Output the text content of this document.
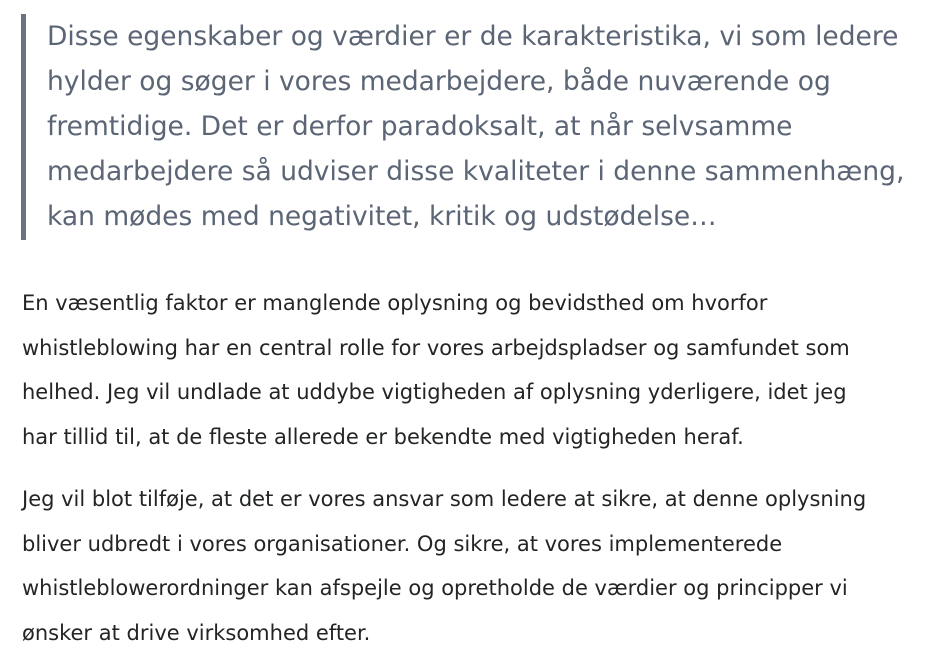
Disse egenskaber og værdier er de karakteristika, vi som ledere

hylder og søger i vores medarbejdere, både nuværende og

fremtidige. Det er derfor paradoksalt, at når selvsamme

medarbejdere så udviser disse kvaliteter i denne sammenhæng,

kan mødes med negativitet, kritik og udstødelse…

En væsentlig faktor er manglende oplysning og bevidsthed om hvorfor

whistleblowing har en central rolle for vores arbejdspladser og samfundet som

helhed. Jeg vil undlade at uddybe vigtigheden af oplysning yderligere, idet jeg

har tillid til, at de fleste allerede er bekendte med vigtigheden heraf.

Jeg vil blot tilføje, at det er vores ansvar som ledere at sikre, at denne oplysning

bliver udbredt i vores organisationer. Og sikre, at vores implementerede

whistleblowerordninger kan afspejle og opretholde de værdier og principper vi

ønsker at drive virksomhed efter.
